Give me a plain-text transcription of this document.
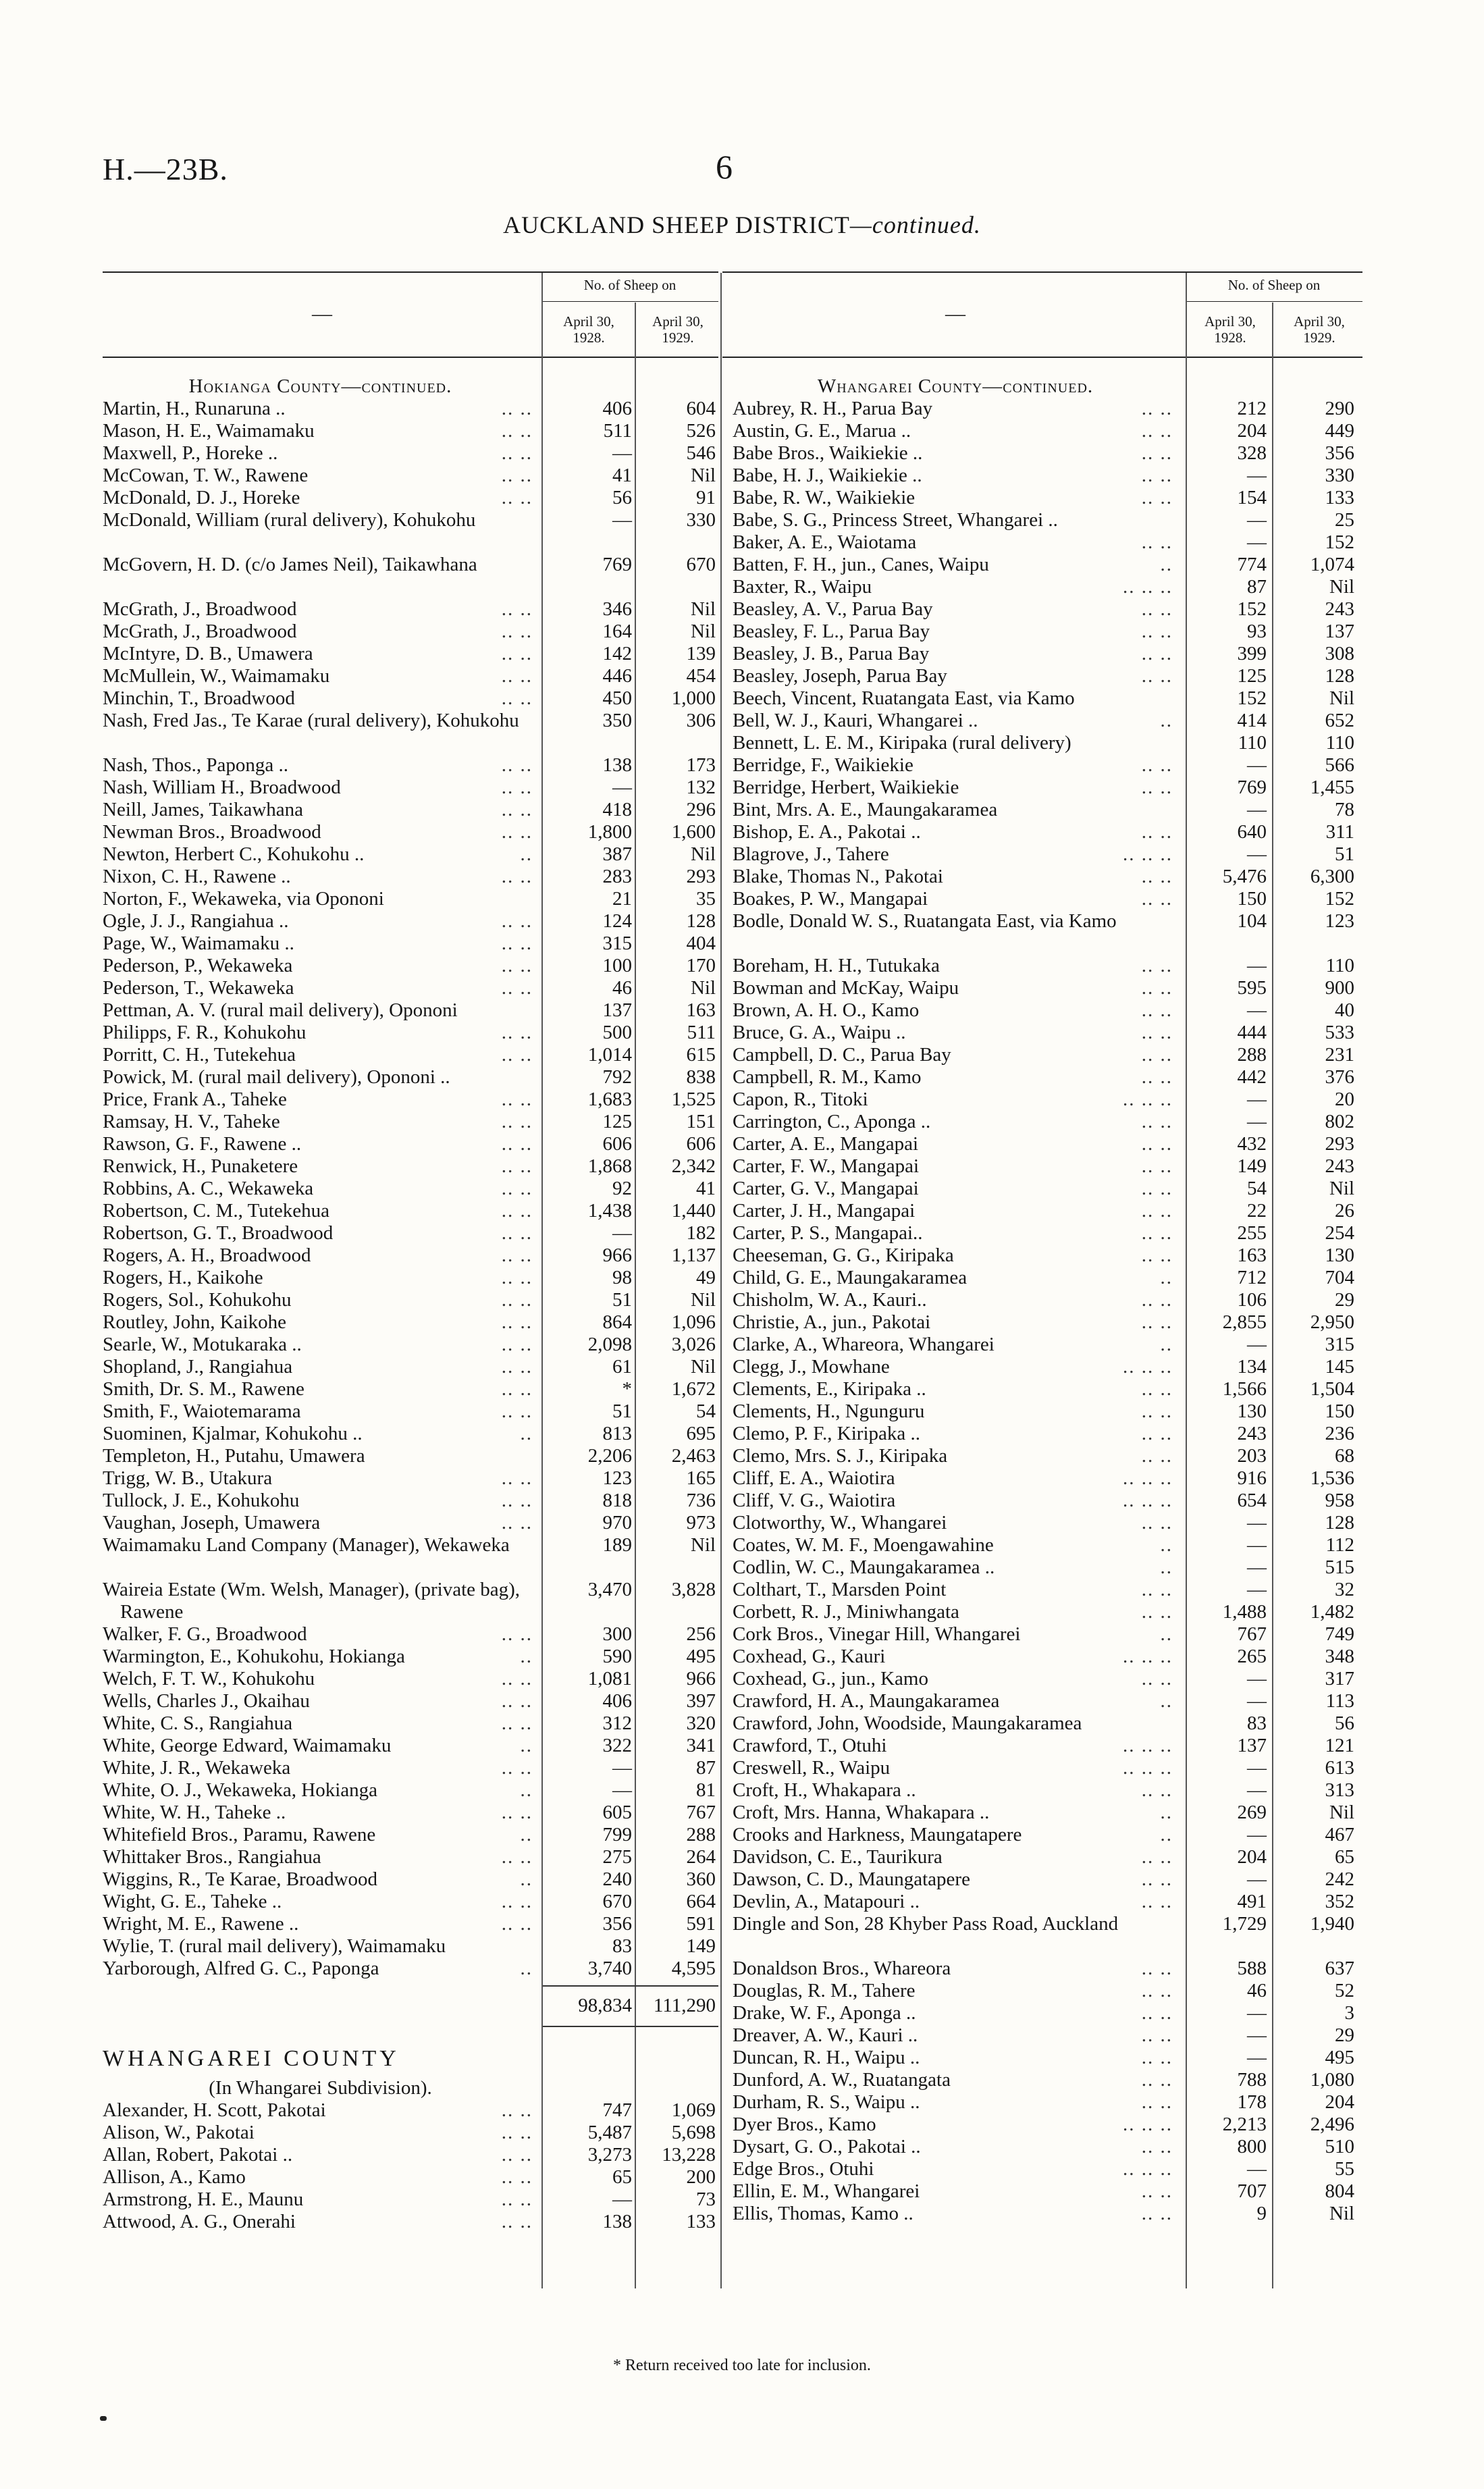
H.—23B.	6
AUCKLAND SHEEP DISTRICT—continued.
—
No. of Sheep on
April 30, 1928.
April 30, 1929.
—
No. of Sheep on
April 30, 1928.
April 30, 1929.
Hokianga County—continued.
Martin, H., Runaruna ..	.. ..	406	604
Mason, H. E., Waimamaku	.. ..	511	526
Maxwell, P., Horeke ..	.. ..	—	546
McCowan, T. W., Rawene	.. ..	41	Nil
McDonald, D. J., Horeke	.. ..	56	91
McDonald, William (rural delivery), Kohukohu	—	330
McGovern, H. D. (c/o James Neil), Taikawhana	769	670
McGrath, J., Broadwood	.. ..	346	Nil
McGrath, J., Broadwood	.. ..	164	Nil
McIntyre, D. B., Umawera	.. ..	142	139
McMullein, W., Waimamaku	.. ..	446	454
Minchin, T., Broadwood	.. ..	450	1,000
Nash, Fred Jas., Te Karae (rural delivery), Kohukohu	350	306
Nash, Thos., Paponga ..	.. ..	138	173
Nash, William H., Broadwood	.. ..	—	132
Neill, James, Taikawhana	.. ..	418	296
Newman Bros., Broadwood	.. ..	1,800	1,600
Newton, Herbert C., Kohukohu ..	..	387	Nil
Nixon, C. H., Rawene ..	.. ..	283	293
Norton, F., Wekaweka, via Opononi	21	35
Ogle, J. J., Rangiahua ..	.. ..	124	128
Page, W., Waimamaku ..	.. ..	315	404
Pederson, P., Wekaweka	.. ..	100	170
Pederson, T., Wekaweka	.. ..	46	Nil
Pettman, A. V. (rural mail delivery), Opononi	137	163
Philipps, F. R., Kohukohu	.. ..	500	511
Porritt, C. H., Tutekehua	.. ..	1,014	615
Powick, M. (rural mail delivery), Opononi ..	792	838
Price, Frank A., Taheke	.. ..	1,683	1,525
Ramsay, H. V., Taheke	.. ..	125	151
Rawson, G. F., Rawene ..	.. ..	606	606
Renwick, H., Punaketere	.. ..	1,868	2,342
Robbins, A. C., Wekaweka	.. ..	92	41
Robertson, C. M., Tutekehua	.. ..	1,438	1,440
Robertson, G. T., Broadwood	.. ..	—	182
Rogers, A. H., Broadwood	.. ..	966	1,137
Rogers, H., Kaikohe	.. ..	98	49
Rogers, Sol., Kohukohu	.. ..	51	Nil
Routley, John, Kaikohe	.. ..	864	1,096
Searle, W., Motukaraka ..	.. ..	2,098	3,026
Shopland, J., Rangiahua	.. ..	61	Nil
Smith, Dr. S. M., Rawene	.. ..	*	1,672
Smith, F., Waiotemarama	.. ..	51	54
Suominen, Kjalmar, Kohukohu ..	..	813	695
Templeton, H., Putahu, Umawera	2,206	2,463
Trigg, W. B., Utakura	.. ..	123	165
Tullock, J. E., Kohukohu	.. ..	818	736
Vaughan, Joseph, Umawera	.. ..	970	973
Waimamaku Land Company (Manager), Wekaweka	189	Nil
Waireia Estate (Wm. Welsh, Manager), (private bag), Rawene
3,470	3,828
Walker, F. G., Broadwood	.. ..	300	256
Warmington, E., Kohukohu, Hokianga	..	590	495
Welch, F. T. W., Kohukohu	.. ..	1,081	966
Wells, Charles J., Okaihau	.. ..	406	397
White, C. S., Rangiahua	.. ..	312	320
White, George Edward, Waimamaku	..	322	341
White, J. R., Wekaweka	.. ..	—	87
White, O. J., Wekaweka, Hokianga	..	—	81
White, W. H., Taheke ..	.. ..	605	767
Whitefield Bros., Paramu, Rawene	..	799	288
Whittaker Bros., Rangiahua	.. ..	275	264
Wiggins, R., Te Karae, Broadwood	..	240	360
Wight, G. E., Taheke ..	.. ..	670	664
Wright, M. E., Rawene ..	.. ..	356	591
Wylie, T. (rural mail delivery), Waimamaku	83	149
Yarborough, Alfred G. C., Paponga	..	3,740	4,595
98,834	111,290
WHANGAREI COUNTY
(In Whangarei Subdivision).
Alexander, H. Scott, Pakotai	.. ..	747	1,069
Alison, W., Pakotai	.. ..	5,487	5,698
Allan, Robert, Pakotai ..	.. ..	3,273	13,228
Allison, A., Kamo	.. ..	65	200
Armstrong, H. E., Maunu	.. ..	—	73
Attwood, A. G., Onerahi	.. ..	138	133
Whangarei County—continued.
Aubrey, R. H., Parua Bay	.. ..	212	290
Austin, G. E., Marua ..	.. ..	204	449
Babe Bros., Waikiekie ..	.. ..	328	356
Babe, H. J., Waikiekie ..	.. ..	—	330
Babe, R. W., Waikiekie	.. ..	154	133
Babe, S. G., Princess Street, Whangarei ..	—	25
Baker, A. E., Waiotama	.. ..	—	152
Batten, F. H., jun., Canes, Waipu	..	774	1,074
Baxter, R., Waipu	.. .. ..	87	Nil
Beasley, A. V., Parua Bay	.. ..	152	243
Beasley, F. L., Parua Bay	.. ..	93	137
Beasley, J. B., Parua Bay	.. ..	399	308
Beasley, Joseph, Parua Bay	.. ..	125	128
Beech, Vincent, Ruatangata East, via Kamo	152	Nil
Bell, W. J., Kauri, Whangarei ..	..	414	652
Bennett, L. E. M., Kiripaka (rural delivery)	110	110
Berridge, F., Waikiekie	.. ..	—	566
Berridge, Herbert, Waikiekie	.. ..	769	1,455
Bint, Mrs. A. E., Maungakaramea	—	78
Bishop, E. A., Pakotai ..	.. ..	640	311
Blagrove, J., Tahere	.. .. ..	—	51
Blake, Thomas N., Pakotai	.. ..	5,476	6,300
Boakes, P. W., Mangapai	.. ..	150	152
Bodle, Donald W. S., Ruatangata East, via Kamo	104	123
Boreham, H. H., Tutukaka	.. ..	—	110
Bowman and McKay, Waipu	.. ..	595	900
Brown, A. H. O., Kamo	.. ..	—	40
Bruce, G. A., Waipu ..	.. ..	444	533
Campbell, D. C., Parua Bay	.. ..	288	231
Campbell, R. M., Kamo	.. ..	442	376
Capon, R., Titoki	.. .. ..	—	20
Carrington, C., Aponga ..	.. ..	—	802
Carter, A. E., Mangapai	.. ..	432	293
Carter, F. W., Mangapai	.. ..	149	243
Carter, G. V., Mangapai	.. ..	54	Nil
Carter, J. H., Mangapai	.. ..	22	26
Carter, P. S., Mangapai..	.. ..	255	254
Cheeseman, G. G., Kiripaka	.. ..	163	130
Child, G. E., Maungakaramea	..	712	704
Chisholm, W. A., Kauri..	.. ..	106	29
Christie, A., jun., Pakotai	.. ..	2,855	2,950
Clarke, A., Whareora, Whangarei	..	—	315
Clegg, J., Mowhane	.. .. ..	134	145
Clements, E., Kiripaka ..	.. ..	1,566	1,504
Clements, H., Ngunguru	.. ..	130	150
Clemo, P. F., Kiripaka ..	.. ..	243	236
Clemo, Mrs. S. J., Kiripaka	.. ..	203	68
Cliff, E. A., Waiotira	.. .. ..	916	1,536
Cliff, V. G., Waiotira	.. .. ..	654	958
Clotworthy, W., Whangarei	.. ..	—	128
Coates, W. M. F., Moengawahine	..	—	112
Codlin, W. C., Maungakaramea ..	..	—	515
Colthart, T., Marsden Point	.. ..	—	32
Corbett, R. J., Miniwhangata	.. ..	1,488	1,482
Cork Bros., Vinegar Hill, Whangarei	..	767	749
Coxhead, G., Kauri	.. .. ..	265	348
Coxhead, G., jun., Kamo	.. ..	—	317
Crawford, H. A., Maungakaramea	..	—	113
Crawford, John, Woodside, Maungakaramea	83	56
Crawford, T., Otuhi	.. .. ..	137	121
Creswell, R., Waipu	.. .. ..	—	613
Croft, H., Whakapara ..	.. ..	—	313
Croft, Mrs. Hanna, Whakapara ..	..	269	Nil
Crooks and Harkness, Maungatapere	..	—	467
Davidson, C. E., Taurikura	.. ..	204	65
Dawson, C. D., Maungatapere	.. ..	—	242
Devlin, A., Matapouri ..	.. ..	491	352
Dingle and Son, 28 Khyber Pass Road, Auckland	1,729	1,940
Donaldson Bros., Whareora	.. ..	588	637
Douglas, R. M., Tahere	.. ..	46	52
Drake, W. F., Aponga ..	.. ..	—	3
Dreaver, A. W., Kauri ..	.. ..	—	29
Duncan, R. H., Waipu ..	.. ..	—	495
Dunford, A. W., Ruatangata	.. ..	788	1,080
Durham, R. S., Waipu ..	.. ..	178	204
Dyer Bros., Kamo	.. .. ..	2,213	2,496
Dysart, G. O., Pakotai ..	.. ..	800	510
Edge Bros., Otuhi	.. .. ..	—	55
Ellin, E. M., Whangarei	.. ..	707	804
Ellis, Thomas, Kamo ..	.. ..	9	Nil
* Return received too late for inclusion.
